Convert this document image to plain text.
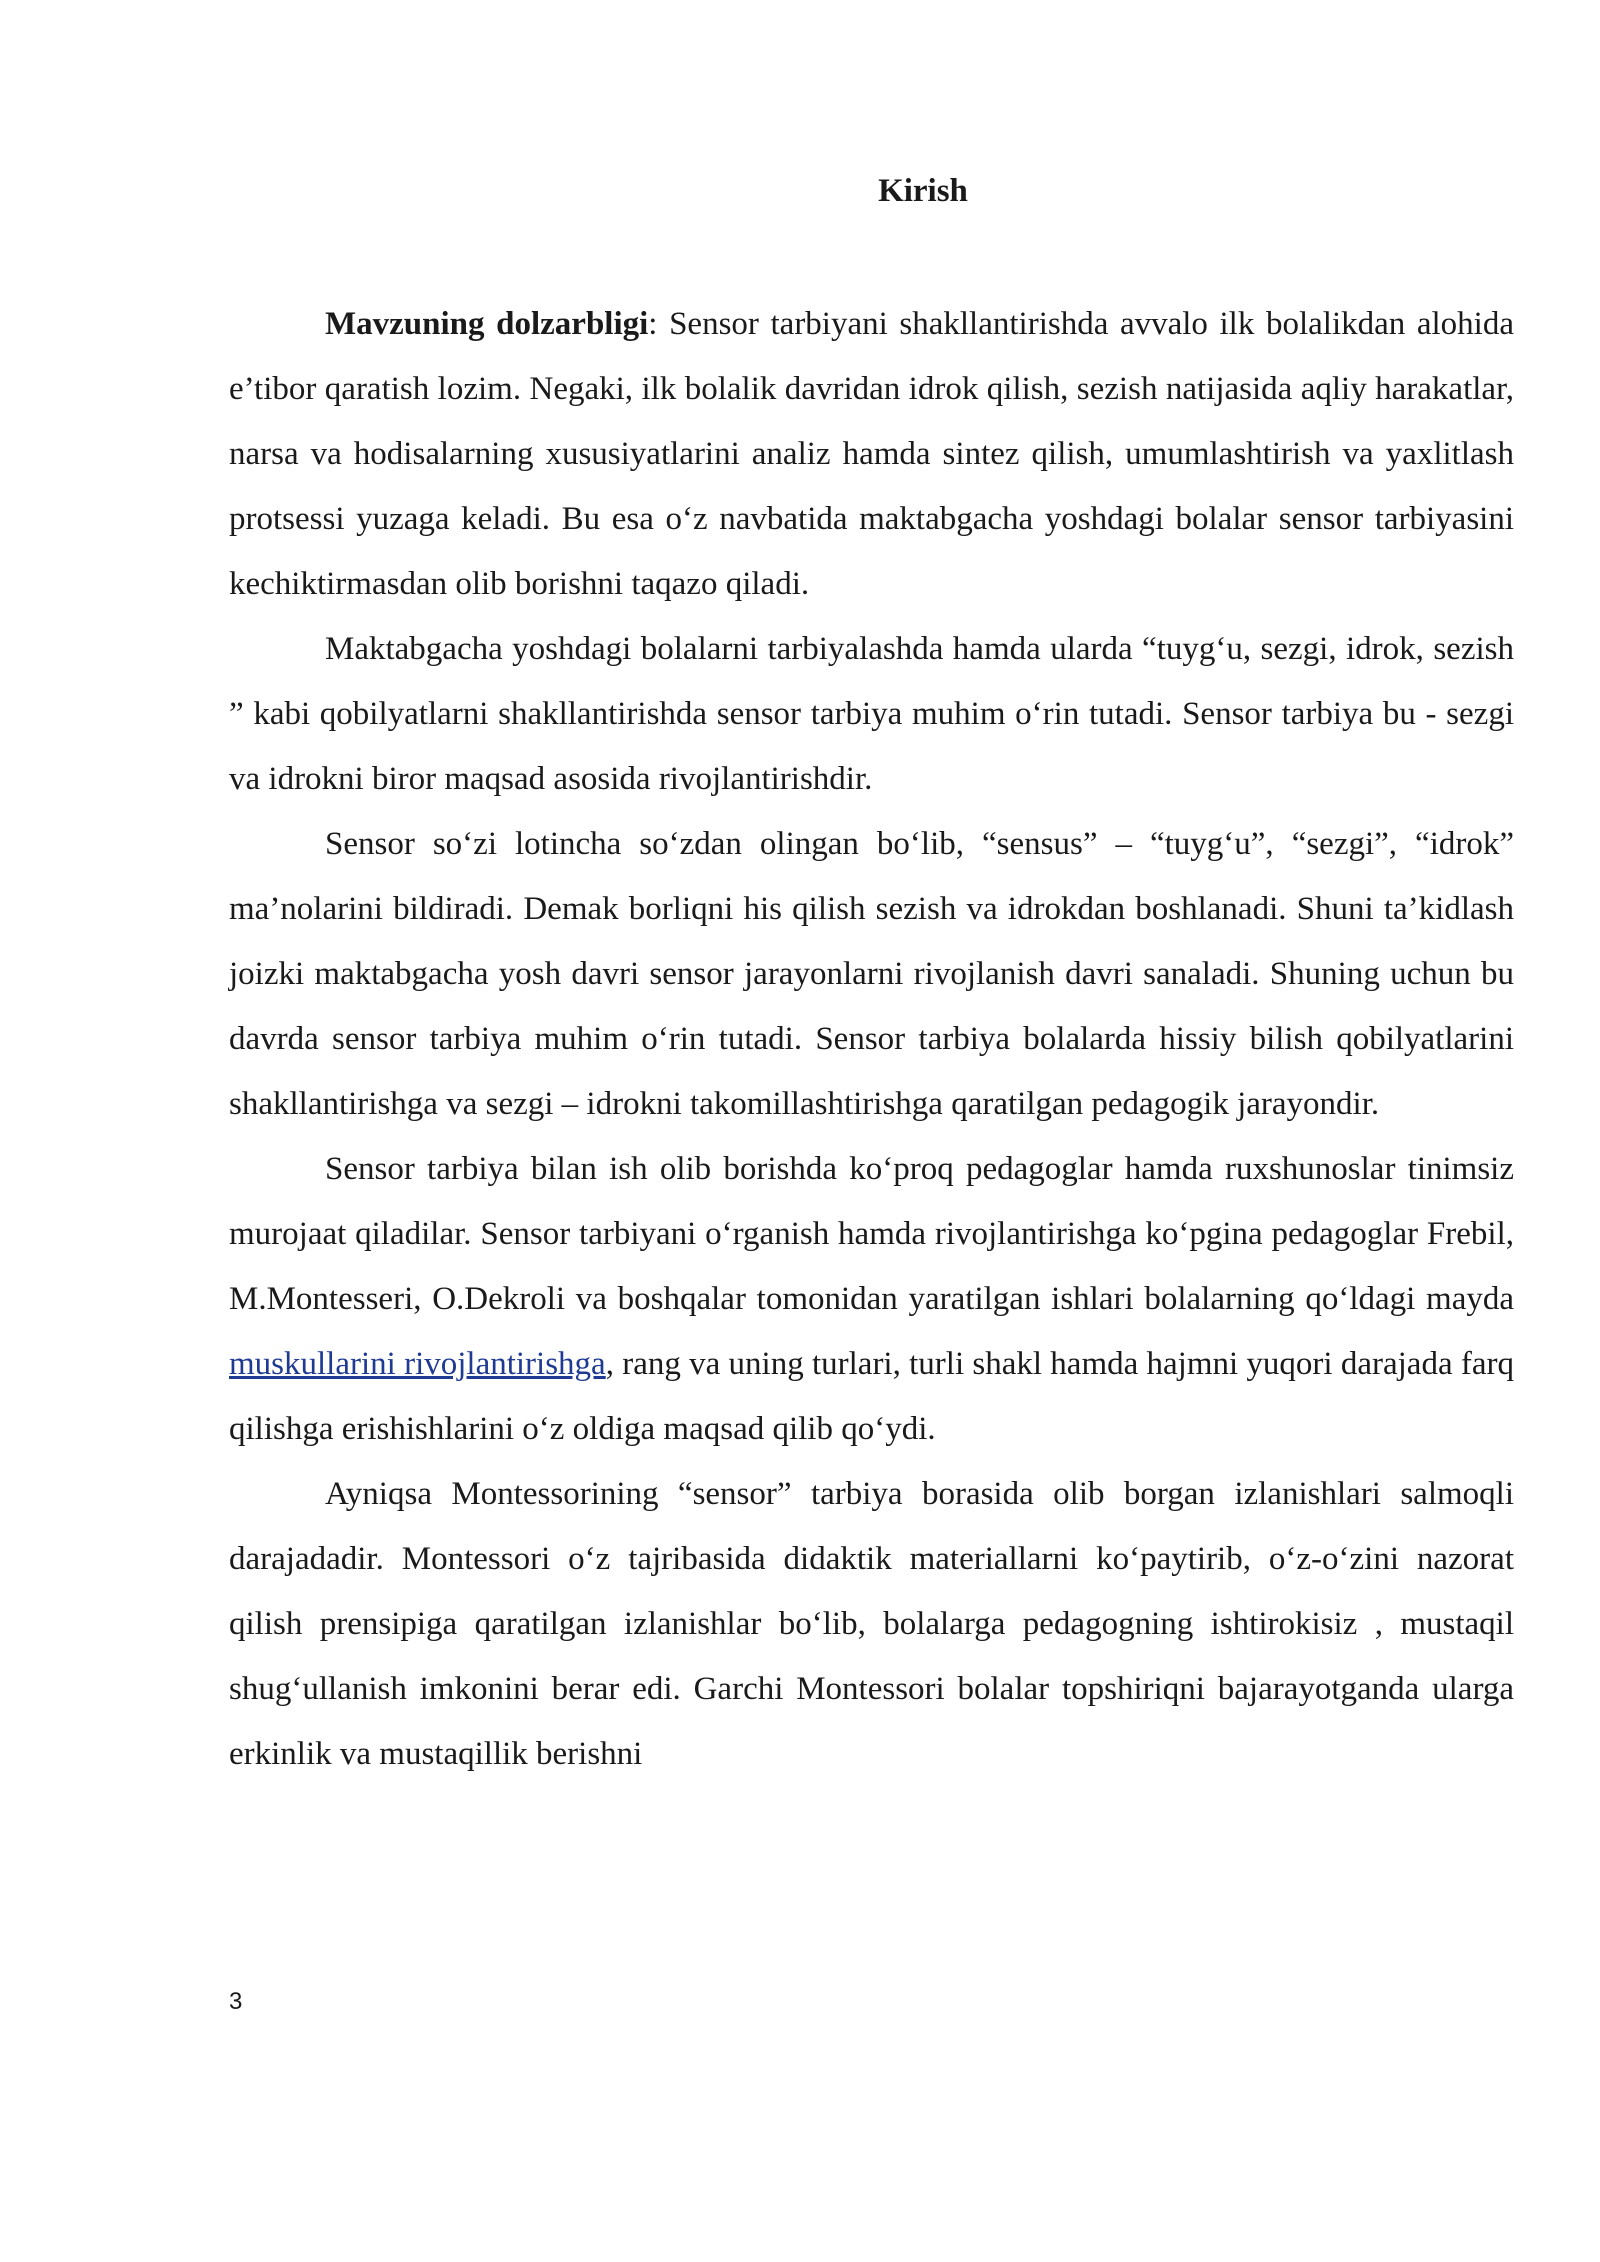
Kirish

Mavzuning dolzarbligi: Sensor tarbiyani shakllantirishda avvalo ilk bolalikdan alohida e’tibor qaratish lozim. Negaki, ilk bolalik davridan idrok qilish, sezish natijasida aqliy harakatlar, narsa va hodisalarning xususiyatlarini analiz hamda sintez qilish, umumlashtirish va yaxlitlash protsessi yuzaga keladi. Bu esa o‘z navbatida maktabgacha yoshdagi bolalar sensor tarbiyasini kechiktirmasdan olib borishni taqazo qiladi.

Maktabgacha yoshdagi bolalarni tarbiyalashda hamda ularda “tuyg‘u, sezgi, idrok, sezish ” kabi qobilyatlarni shakllantirishda sensor tarbiya muhim o‘rin tutadi. Sensor tarbiya bu - sezgi va idrokni biror maqsad asosida rivojlantirishdir.

Sensor so‘zi lotincha so‘zdan olingan bo‘lib, “sensus” – “tuyg‘u”, “sezgi”, “idrok” ma’nolarini bildiradi. Demak borliqni his qilish sezish va idrokdan boshlanadi. Shuni ta’kidlash joizki maktabgacha yosh davri sensor jarayonlarni rivojlanish davri sanaladi. Shuning uchun bu davrda sensor tarbiya muhim o‘rin tutadi. Sensor tarbiya bolalarda hissiy bilish qobilyatlarini shakllantirishga va sezgi – idrokni takomillashtirishga qaratilgan pedagogik jarayondir.

Sensor tarbiya bilan ish olib borishda ko‘proq pedagoglar hamda ruxshunoslar tinimsiz murojaat qiladilar. Sensor tarbiyani o‘rganish hamda rivojlantirishga ko‘pgina pedagoglar Frebil, M.Montesseri, O.Dekroli va boshqalar tomonidan yaratilgan ishlari bolalarning qo‘ldagi mayda muskullarini rivojlantirishga, rang va uning turlari, turli shakl hamda hajmni yuqori darajada farq qilishga erishishlarini o‘z oldiga maqsad qilib qo‘ydi.

Ayniqsa Montessorining “sensor” tarbiya borasida olib borgan izlanishlari salmoqli darajadadir. Montessori o‘z tajribasida didaktik materiallarni ko‘paytirib, o‘z-o‘zini nazorat qilish prensipiga qaratilgan izlanishlar bo‘lib, bolalarga pedagogning ishtirokisiz , mustaqil shug‘ullanish imkonini berar edi. Garchi Montessori bolalar topshiriqni bajarayotganda ularga erkinlik va mustaqillik berishni

3
